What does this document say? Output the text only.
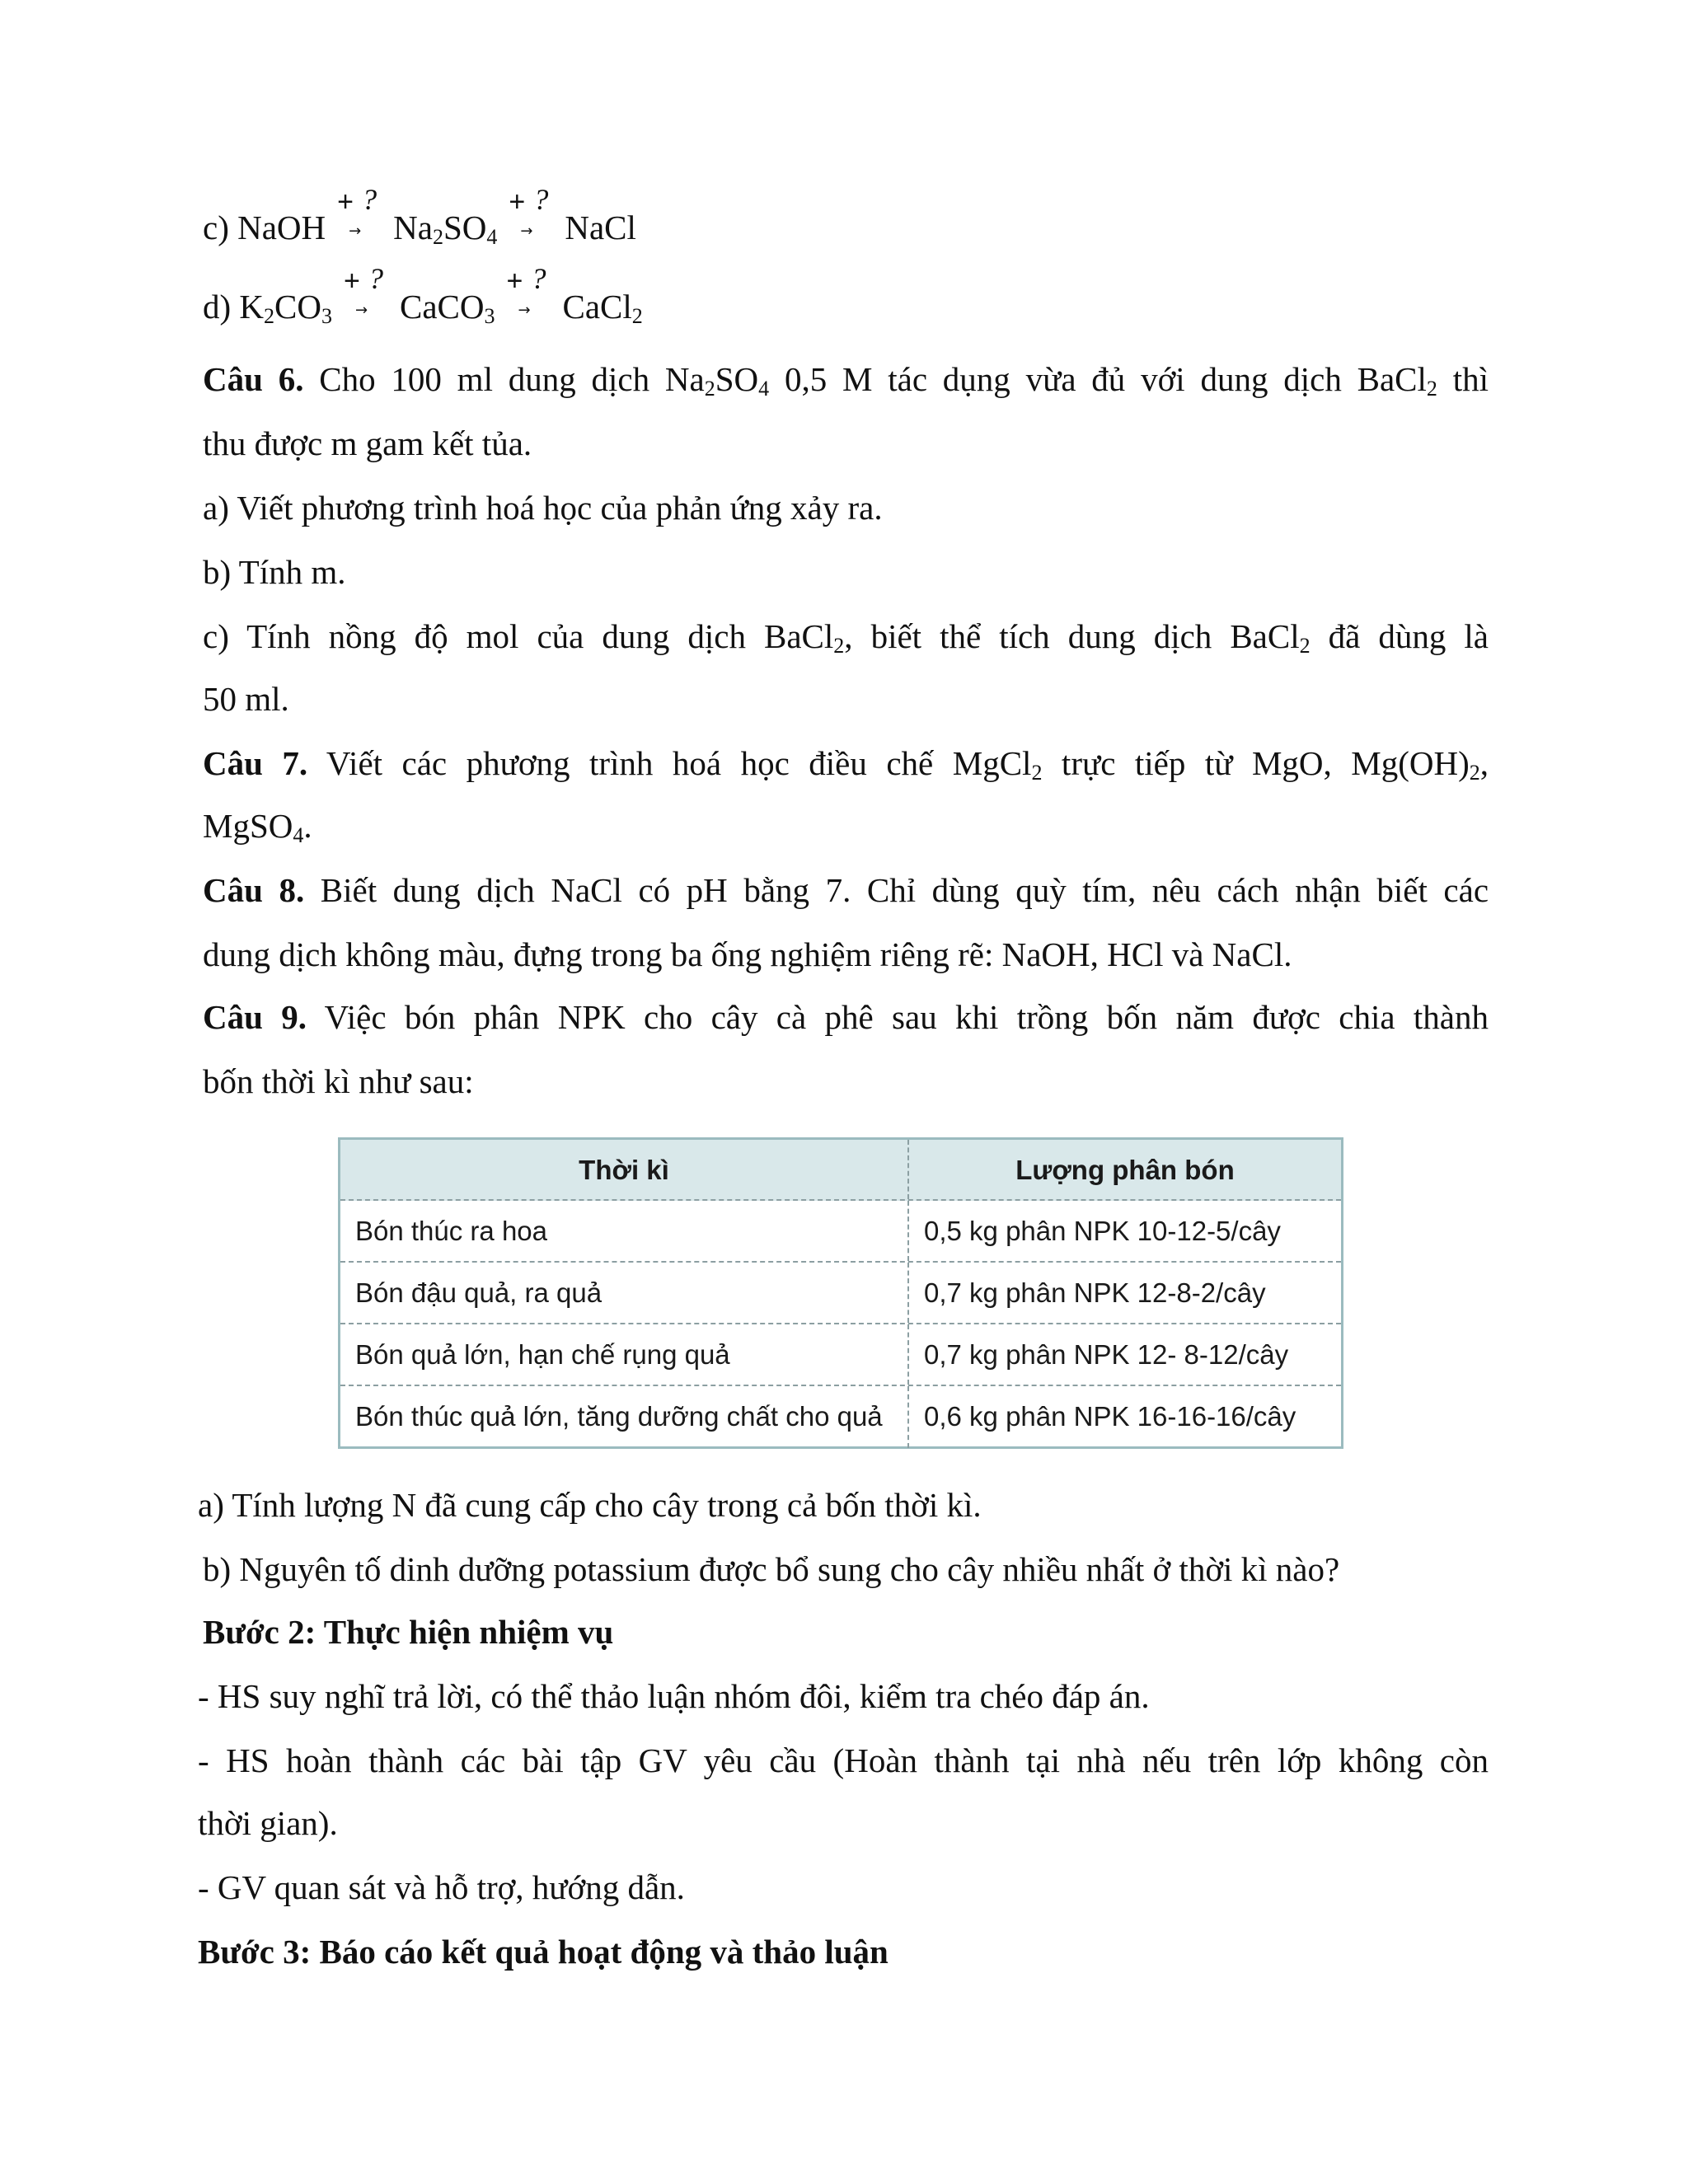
c) NaOH
+ ?
→ $Na_2SO_4$
+ ?
→ NaCl
d) $K_2CO_3$
+ ?
→ CaCO$_3$
+ ?
→ CaCl$_2$
Câu 6. Cho 100 ml dung dịch $Na_2SO_4$ 0,5 M tác dụng vừa đủ với dung dịch BaCl$_2$ thì
thu được m gam kết tủa.
a) Viết phương trình hoá học của phản ứng xảy ra.
b) Tính m.
c) Tính nồng độ mol của dung dịch BaCl$_2$, biết thể tích dung dịch BaCl$_2$ đã dùng là
50 ml.
Câu 7. Viết các phương trình hoá học điều chế MgCl$_2$ trực tiếp từ MgO, $Mg(OH)_2$,
MgSO$_4$.
Câu 8. Biết dung dịch NaCl có pH bằng 7. Chỉ dùng quỳ tím, nêu cách nhận biết các
dung dịch không màu, đựng trong ba ống nghiệm riêng rẽ: NaOH, HCl và NaCl.
Câu 9. Việc bón phân NPK cho cây cà phê sau khi trồng bốn năm được chia thành
bốn thời kì như sau:
Thời kì	Lượng phân bón
Bón thúc ra hoa	0,5 kg phân NPK 10-12-5/cây
Bón đậu quả, ra quả	0,7 kg phân NPK 12-8-2/cây
Bón quả lớn, hạn chế rụng quả	0,7 kg phân NPK 12- 8-12/cây
Bón thúc quả lớn, tăng dưỡng chất cho quả	0,6 kg phân NPK 16-16-16/cây
a) Tính lượng N đã cung cấp cho cây trong cả bốn thời kì.
b) Nguyên tố dinh dưỡng potassium được bổ sung cho cây nhiều nhất ở thời kì nào?
Bước 2: Thực hiện nhiệm vụ
- HS suy nghĩ trả lời, có thể thảo luận nhóm đôi, kiểm tra chéo đáp án.
- HS hoàn thành các bài tập GV yêu cầu (Hoàn thành tại nhà nếu trên lớp không còn
thời gian).
- GV quan sát và hỗ trợ, hướng dẫn.
Bước 3: Báo cáo kết quả hoạt động và thảo luận
